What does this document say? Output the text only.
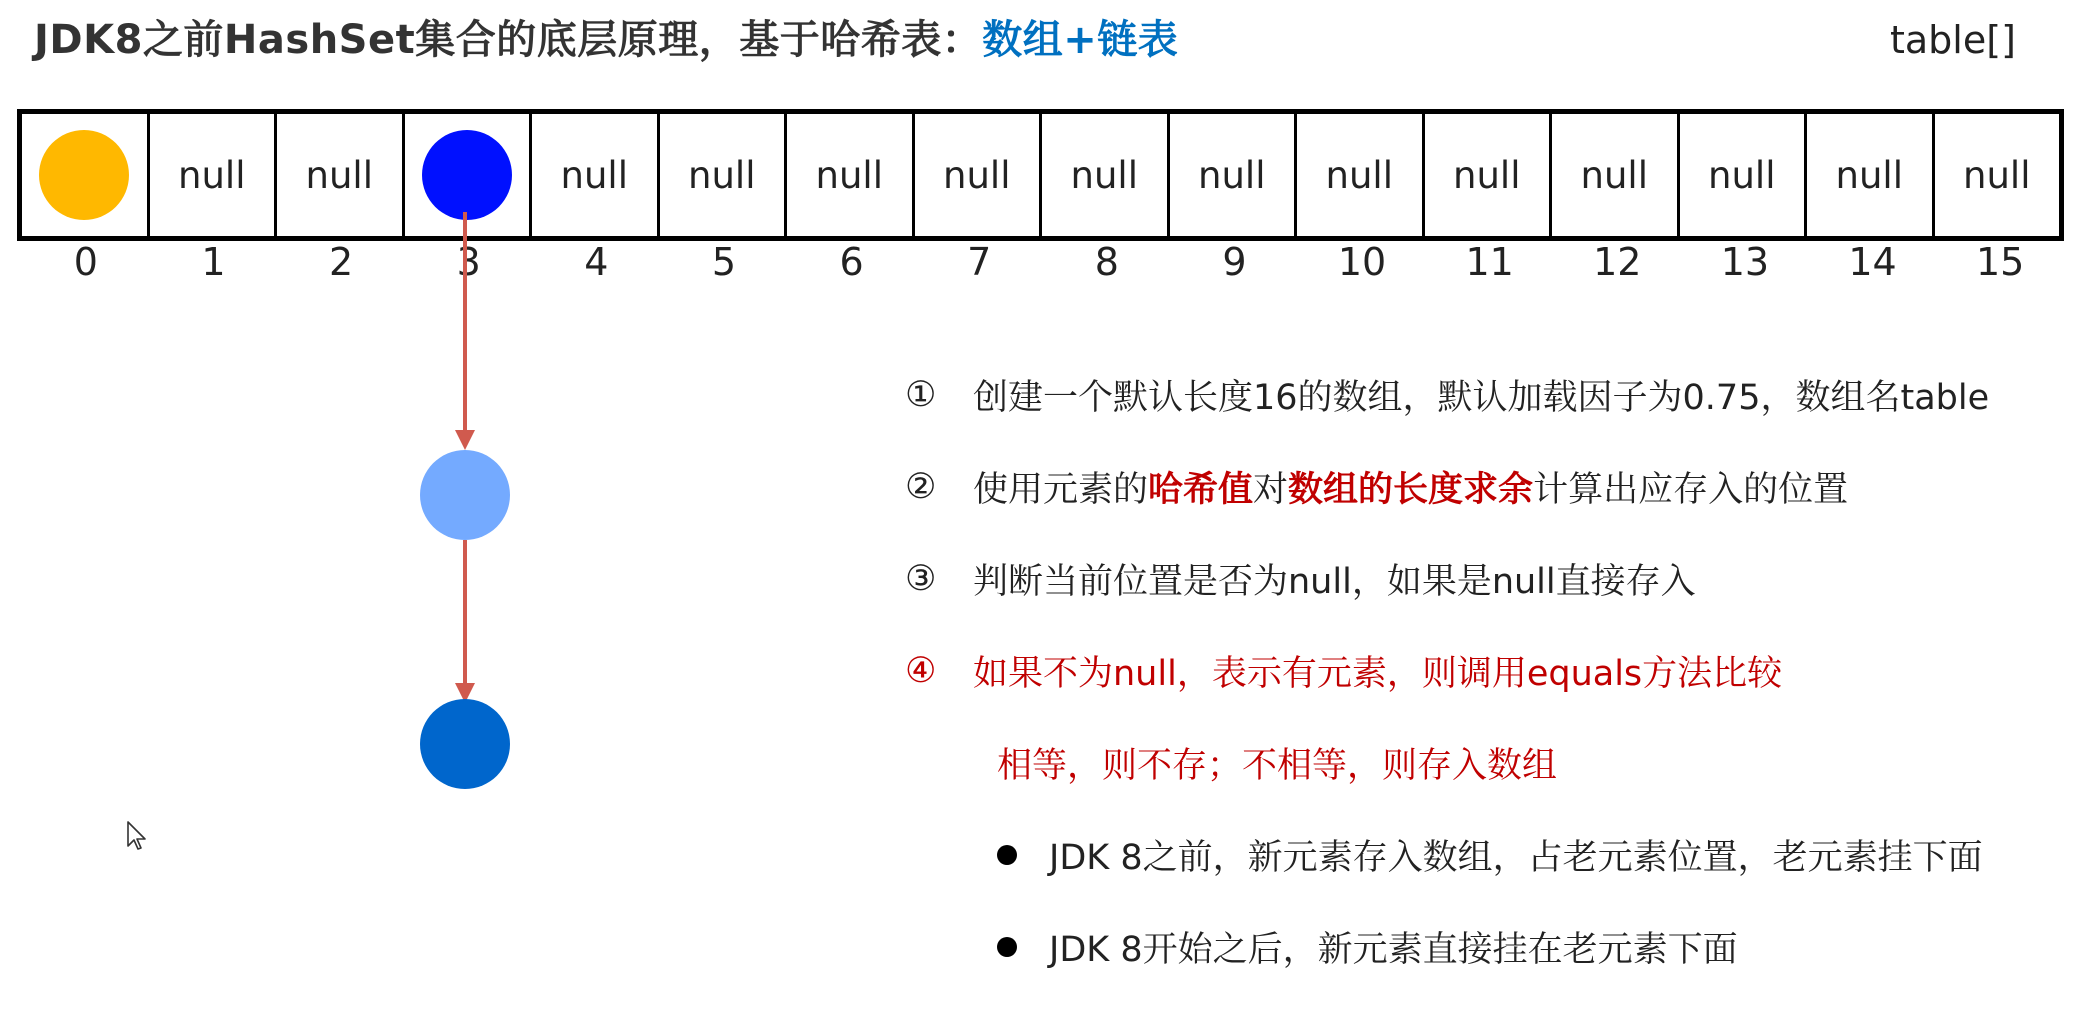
JDK8之前HashSet集合的底层原理，基于哈希表：数组+链表	table[]
null null	null null null null null null null null null null null null
0	1	2	3	4	5	6	7	8	9	10	11	12	13	14	15
①	创建一个默认长度16的数组，默认加载因子为0.75，数组名table
②	使用元素的 哈希值 对 数组的长度求余 计算出应存入的位置
③	判断当前位置是否为null，如果是null直接存入
④	如果不为null，表示有元素，则调用equals方法比较
相等，则不存；不相等，则存入数组
JDK 8之前，新元素存入数组，占老元素位置，老元素挂下面
JDK 8开始之后，新元素直接挂在老元素下面
